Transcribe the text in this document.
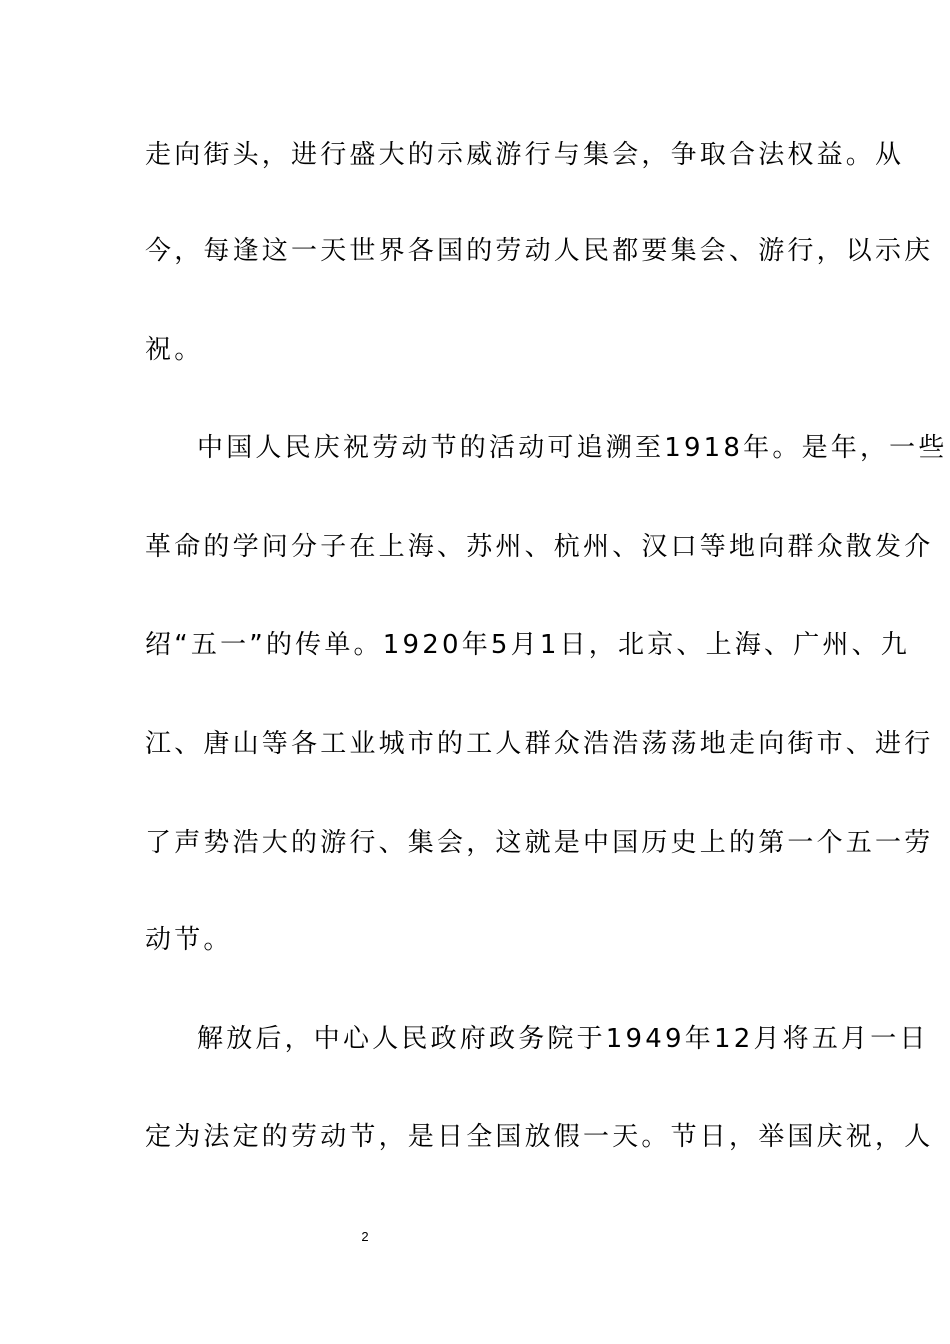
走向街头，进行盛大的示威游行与集会，争取合法权益。从
今，每逢这一天世界各国的劳动人民都要集会、游行，以示庆
祝。
中国人民庆祝劳动节的活动可追溯至1918年。是年，一些
革命的学问分子在上海、苏州、杭州、汉口等地向群众散发介
绍“五一”的传单。1920年5月1日，北京、上海、广州、九
江、唐山等各工业城市的工人群众浩浩荡荡地走向街市、进行
了声势浩大的游行、集会，这就是中国历史上的第一个五一劳
动节。
解放后，中心人民政府政务院于1949年12月将五月一日
定为法定的劳动节，是日全国放假一天。节日，举国庆祝，人
2
